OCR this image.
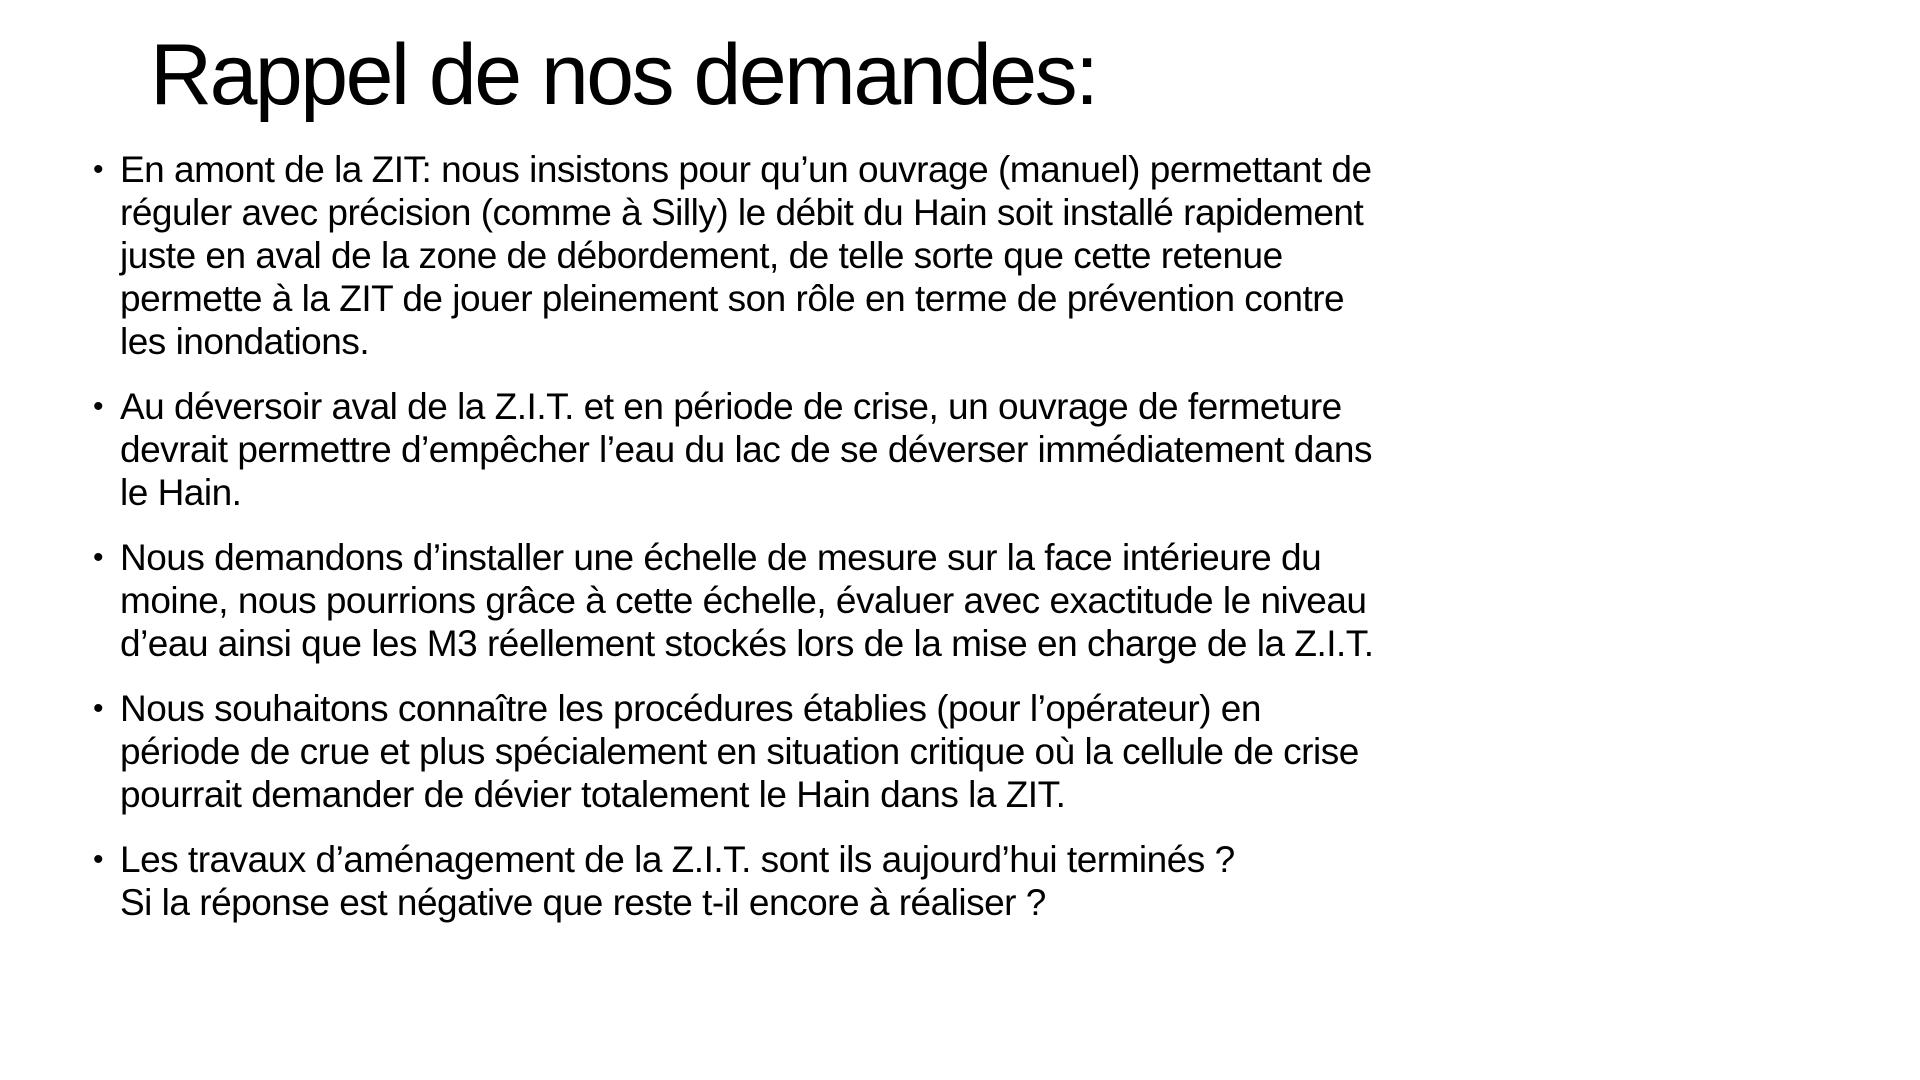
Rappel de nos demandes:
• En amont de la ZIT: nous insistons pour qu’un ouvrage (manuel) permettant de
réguler avec précision (comme à Silly) le débit du Hain soit installé rapidement
juste en aval de la zone de débordement, de telle sorte que cette retenue
permette à la ZIT de jouer pleinement son rôle en terme de prévention contre
les inondations.
• Au déversoir aval de la Z.I.T. et en période de crise, un ouvrage de fermeture
devrait permettre d’empêcher l’eau du lac de se déverser immédiatement dans
le Hain.
• Nous demandons d’installer une échelle de mesure sur la face intérieure du
moine, nous pourrions grâce à cette échelle, évaluer avec exactitude le niveau
d’eau ainsi que les M3 réellement stockés lors de la mise en charge de la Z.I.T.
• Nous souhaitons connaître les procédures établies (pour l’opérateur) en
période de crue et plus spécialement en situation critique où la cellule de crise
pourrait demander de dévier totalement le Hain dans la ZIT.
• Les travaux d’aménagement de la Z.I.T. sont ils aujourd’hui terminés ?
Si la réponse est négative que reste t-il encore à réaliser ?
